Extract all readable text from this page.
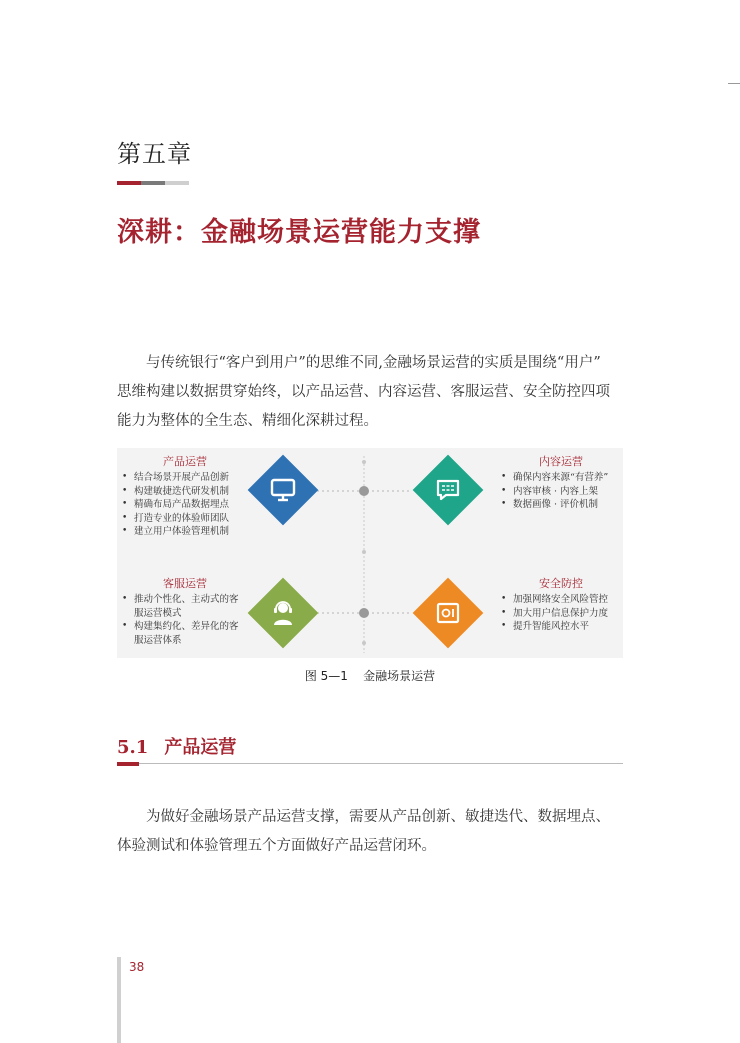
第五章
深耕：金融场景运营能力支撑
与传统银行“客户到用户”的思维不同,金融场景运营的实质是围绕“用户”
思维构建以数据贯穿始终，以产品运营、内容运营、客服运营、安全防控四项
能力为整体的全生态、精细化深耕过程。
产品运营
• 结合场景开展产品创新
• 构建敏捷迭代研发机制
• 精确布局产品数据埋点
• 打造专业的体验师团队
• 建立用户体验管理机制
内容运营
• 确保内容来源“有营养”
• 内容审核 · 内容上架
• 数据画像 · 评价机制
客服运营
• 推动个性化、主动式的客服运营模式
• 构建集约化、差异化的客服运营体系
安全防控
• 加强网络安全风险管控
• 加大用户信息保护力度
• 提升智能风控水平
图 5—1    金融场景运营
5.1 产品运营
为做好金融场景产品运营支撑，需要从产品创新、敏捷迭代、数据埋点、
体验测试和体验管理五个方面做好产品运营闭环。
38
